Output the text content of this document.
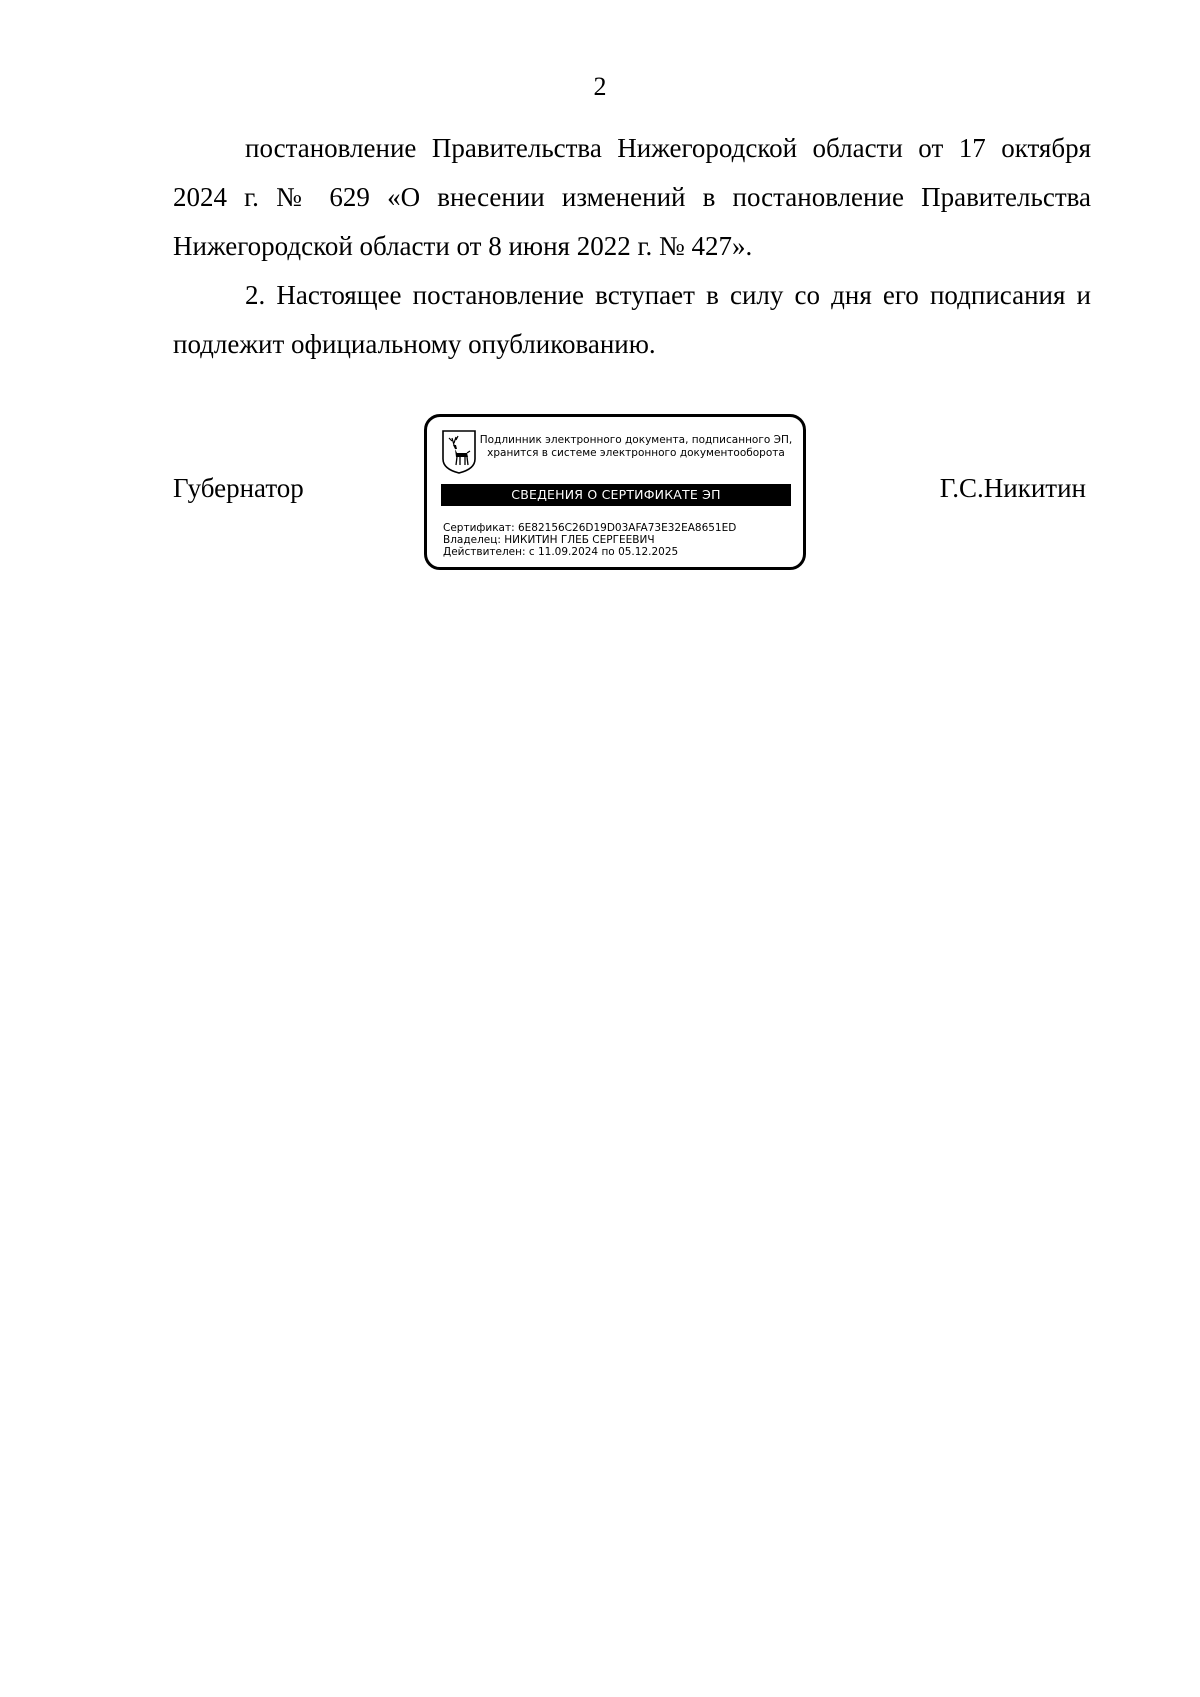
2

постановление Правительства Нижегородской области от 17 октября 2024 г. № 629 «О внесении изменений в постановление Правительства Нижегородской области от 8 июня 2022 г. № 427».

2. Настоящее постановление вступает в силу со дня его подписания и подлежит официальному опубликованию.

Губернатор
Подлинник электронного документа, подписанного ЭП,
хранится в системе электронного документооборота
СВЕДЕНИЯ О СЕРТИФИКАТЕ ЭП
Сертификат: 6E82156C26D19D03AFA73E32EA8651ED
Владелец: НИКИТИН ГЛЕБ СЕРГЕЕВИЧ
Действителен: с 11.09.2024 по 05.12.2025
Г.С.Никитин
